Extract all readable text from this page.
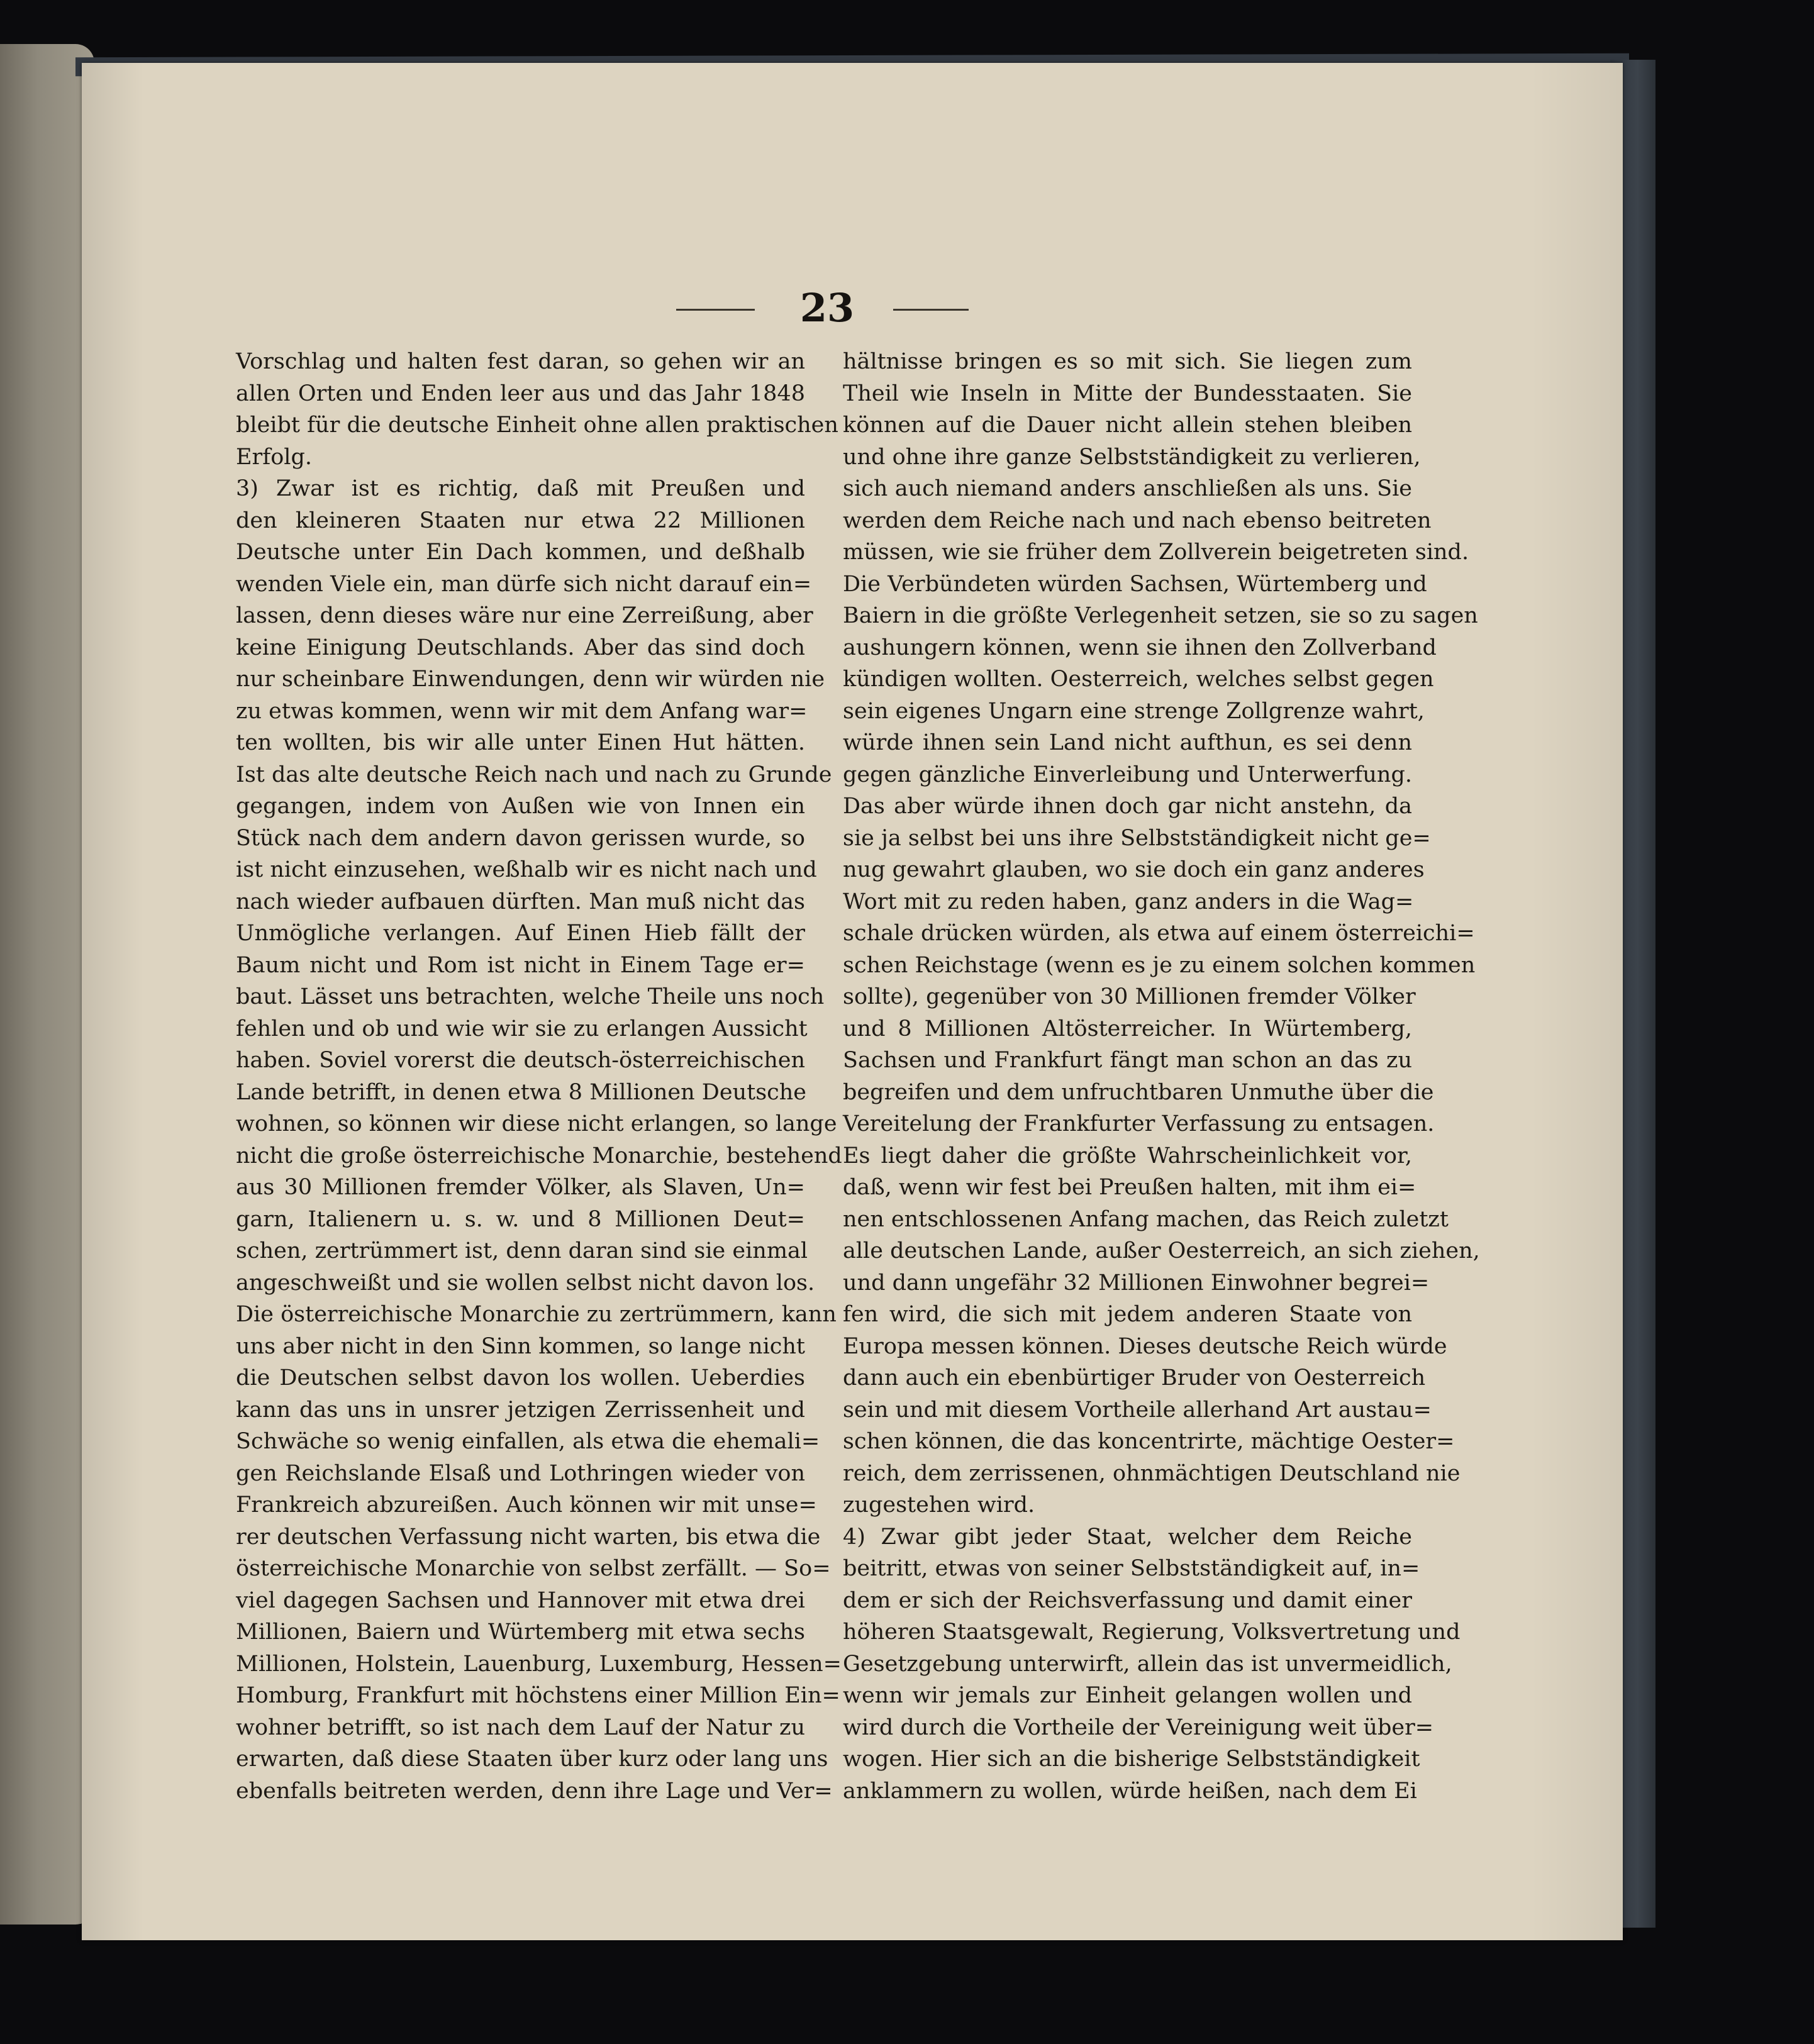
23
Vorschlag und halten fest daran, so gehen wir an
allen Orten und Enden leer aus und das Jahr 1848
bleibt für die deutsche Einheit ohne allen praktischen
Erfolg.
3) Zwar ist es richtig, daß mit Preußen und
den kleineren Staaten nur etwa 22 Millionen
Deutsche unter Ein Dach kommen, und deßhalb
wenden Viele ein, man dürfe sich nicht darauf ein=
lassen, denn dieses wäre nur eine Zerreißung, aber
keine Einigung Deutschlands. Aber das sind doch
nur scheinbare Einwendungen, denn wir würden nie
zu etwas kommen, wenn wir mit dem Anfang war=
ten wollten, bis wir alle unter Einen Hut hätten.
Ist das alte deutsche Reich nach und nach zu Grunde
gegangen, indem von Außen wie von Innen ein
Stück nach dem andern davon gerissen wurde, so
ist nicht einzusehen, weßhalb wir es nicht nach und
nach wieder aufbauen dürften. Man muß nicht das
Unmögliche verlangen. Auf Einen Hieb fällt der
Baum nicht und Rom ist nicht in Einem Tage er=
baut. Lässet uns betrachten, welche Theile uns noch
fehlen und ob und wie wir sie zu erlangen Aussicht
haben. Soviel vorerst die deutsch-österreichischen
Lande betrifft, in denen etwa 8 Millionen Deutsche
wohnen, so können wir diese nicht erlangen, so lange
nicht die große österreichische Monarchie, bestehend
aus 30 Millionen fremder Völker, als Slaven, Un=
garn, Italienern u. s. w. und 8 Millionen Deut=
schen, zertrümmert ist, denn daran sind sie einmal
angeschweißt und sie wollen selbst nicht davon los.
Die österreichische Monarchie zu zertrümmern, kann
uns aber nicht in den Sinn kommen, so lange nicht
die Deutschen selbst davon los wollen. Ueberdies
kann das uns in unsrer jetzigen Zerrissenheit und
Schwäche so wenig einfallen, als etwa die ehemali=
gen Reichslande Elsaß und Lothringen wieder von
Frankreich abzureißen. Auch können wir mit unse=
rer deutschen Verfassung nicht warten, bis etwa die
österreichische Monarchie von selbst zerfällt. — So=
viel dagegen Sachsen und Hannover mit etwa drei
Millionen, Baiern und Würtemberg mit etwa sechs
Millionen, Holstein, Lauenburg, Luxemburg, Hessen=
Homburg, Frankfurt mit höchstens einer Million Ein=
wohner betrifft, so ist nach dem Lauf der Natur zu
erwarten, daß diese Staaten über kurz oder lang uns
ebenfalls beitreten werden, denn ihre Lage und Ver=
hältnisse bringen es so mit sich. Sie liegen zum
Theil wie Inseln in Mitte der Bundesstaaten. Sie
können auf die Dauer nicht allein stehen bleiben
und ohne ihre ganze Selbstständigkeit zu verlieren,
sich auch niemand anders anschließen als uns. Sie
werden dem Reiche nach und nach ebenso beitreten
müssen, wie sie früher dem Zollverein beigetreten sind.
Die Verbündeten würden Sachsen, Würtemberg und
Baiern in die größte Verlegenheit setzen, sie so zu sagen
aushungern können, wenn sie ihnen den Zollverband
kündigen wollten. Oesterreich, welches selbst gegen
sein eigenes Ungarn eine strenge Zollgrenze wahrt,
würde ihnen sein Land nicht aufthun, es sei denn
gegen gänzliche Einverleibung und Unterwerfung.
Das aber würde ihnen doch gar nicht anstehn, da
sie ja selbst bei uns ihre Selbstständigkeit nicht ge=
nug gewahrt glauben, wo sie doch ein ganz anderes
Wort mit zu reden haben, ganz anders in die Wag=
schale drücken würden, als etwa auf einem österreichi=
schen Reichstage (wenn es je zu einem solchen kommen
sollte), gegenüber von 30 Millionen fremder Völker
und 8 Millionen Altösterreicher. In Würtemberg,
Sachsen und Frankfurt fängt man schon an das zu
begreifen und dem unfruchtbaren Unmuthe über die
Vereitelung der Frankfurter Verfassung zu entsagen.
Es liegt daher die größte Wahrscheinlichkeit vor,
daß, wenn wir fest bei Preußen halten, mit ihm ei=
nen entschlossenen Anfang machen, das Reich zuletzt
alle deutschen Lande, außer Oesterreich, an sich ziehen,
und dann ungefähr 32 Millionen Einwohner begrei=
fen wird, die sich mit jedem anderen Staate von
Europa messen können. Dieses deutsche Reich würde
dann auch ein ebenbürtiger Bruder von Oesterreich
sein und mit diesem Vortheile allerhand Art austau=
schen können, die das koncentrirte, mächtige Oester=
reich, dem zerrissenen, ohnmächtigen Deutschland nie
zugestehen wird.
4) Zwar gibt jeder Staat, welcher dem Reiche
beitritt, etwas von seiner Selbstständigkeit auf, in=
dem er sich der Reichsverfassung und damit einer
höheren Staatsgewalt, Regierung, Volksvertretung und
Gesetzgebung unterwirft, allein das ist unvermeidlich,
wenn wir jemals zur Einheit gelangen wollen und
wird durch die Vortheile der Vereinigung weit über=
wogen. Hier sich an die bisherige Selbstständigkeit
anklammern zu wollen, würde heißen, nach dem Ei
